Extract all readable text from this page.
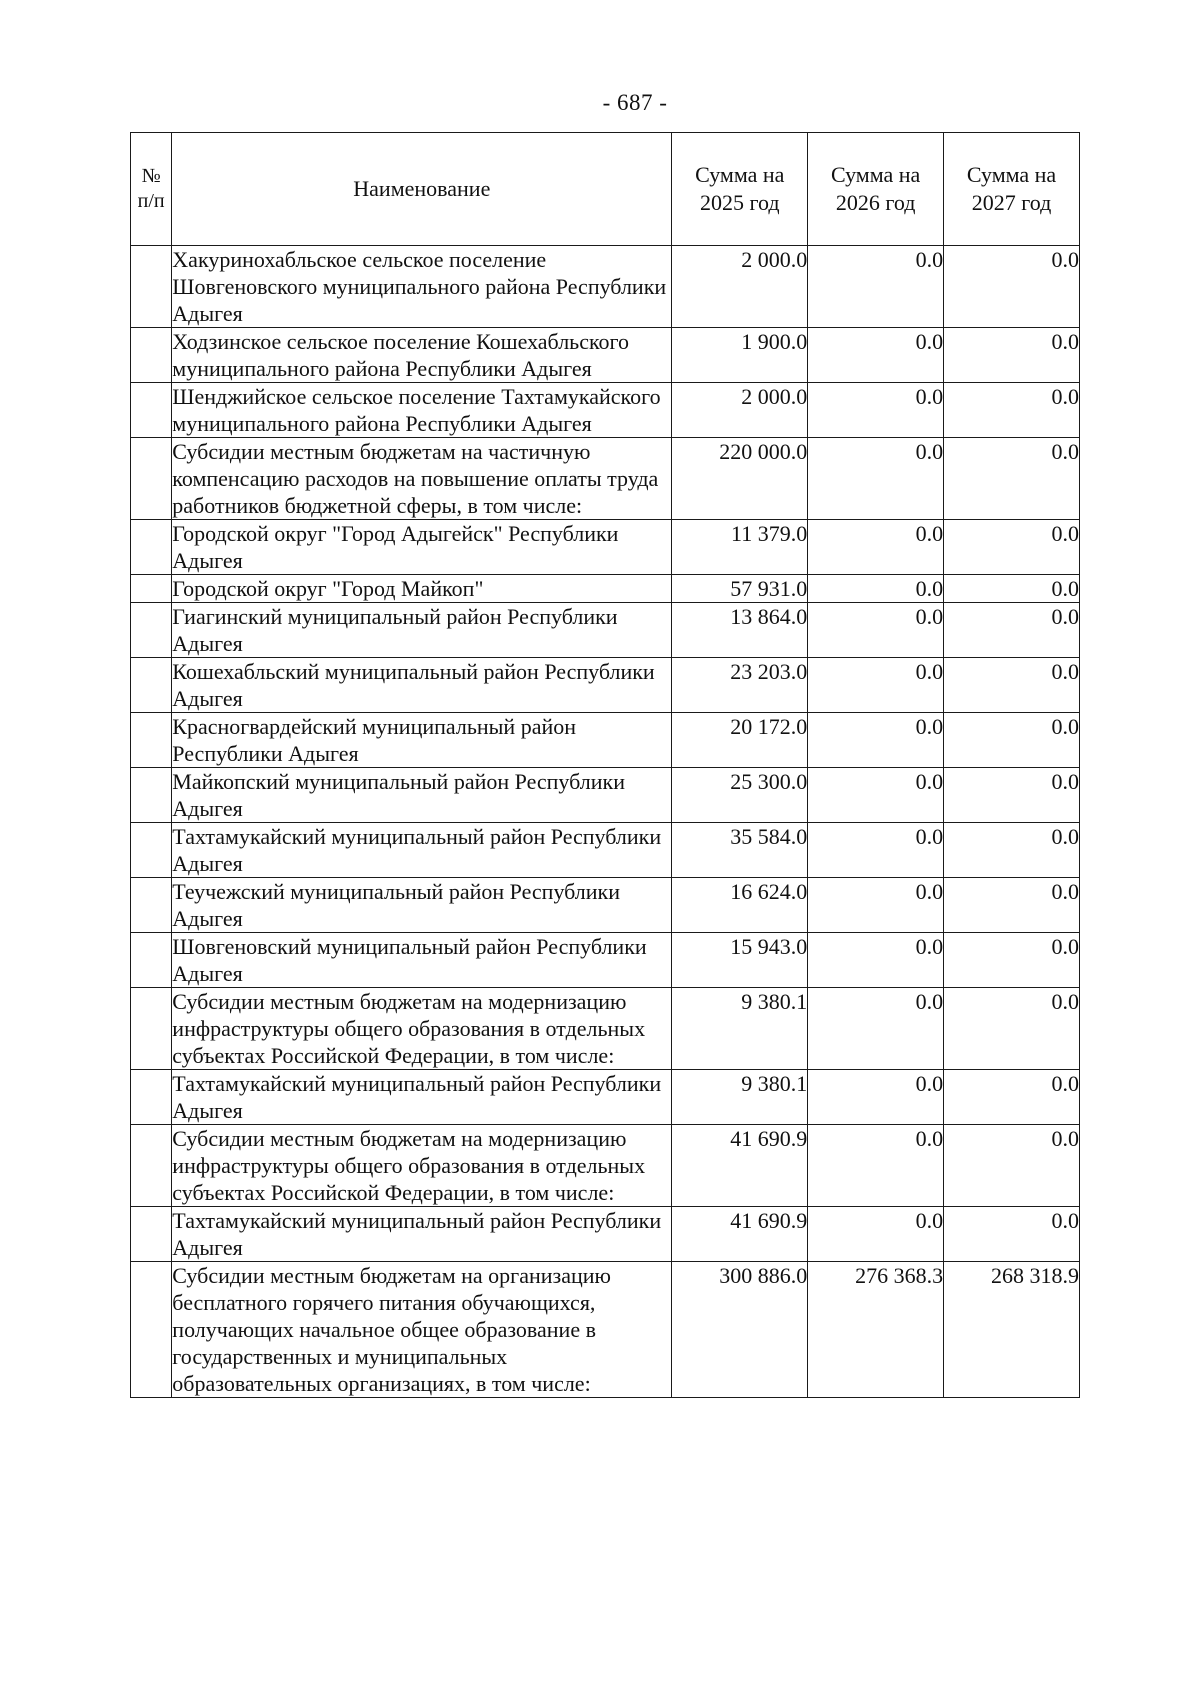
- 687 -
№ п/п	Наименование	Сумма на 2025 год	Сумма на 2026 год	Сумма на 2027 год
	Хакуринохабльское сельское поселение Шовгеновского муниципального района Республики Адыгея	2 000.0	0.0	0.0
	Ходзинское сельское поселение Кошехабльского муниципального района Республики Адыгея	1 900.0	0.0	0.0
	Шенджийское сельское поселение Тахтамукайского муниципального района Республики Адыгея	2 000.0	0.0	0.0
	Субсидии местным бюджетам на частичную компенсацию расходов на повышение оплаты труда работников бюджетной сферы, в том числе:	220 000.0	0.0	0.0
	Городской округ "Город Адыгейск" Республики Адыгея	11 379.0	0.0	0.0
	Городской округ "Город Майкоп"	57 931.0	0.0	0.0
	Гиагинский муниципальный район Республики Адыгея	13 864.0	0.0	0.0
	Кошехабльский муниципальный район Республики Адыгея	23 203.0	0.0	0.0
	Красногвардейский муниципальный район Республики Адыгея	20 172.0	0.0	0.0
	Майкопский муниципальный район Республики Адыгея	25 300.0	0.0	0.0
	Тахтамукайский муниципальный район Республики Адыгея	35 584.0	0.0	0.0
	Теучежский муниципальный район Республики Адыгея	16 624.0	0.0	0.0
	Шовгеновский муниципальный район Республики Адыгея	15 943.0	0.0	0.0
	Субсидии местным бюджетам на модернизацию инфраструктуры общего образования в отдельных субъектах Российской Федерации, в том числе:	9 380.1	0.0	0.0
	Тахтамукайский муниципальный район Республики Адыгея	9 380.1	0.0	0.0
	Субсидии местным бюджетам на модернизацию инфраструктуры общего образования в отдельных субъектах Российской Федерации, в том числе:	41 690.9	0.0	0.0
	Тахтамукайский муниципальный район Республики Адыгея	41 690.9	0.0	0.0
	Субсидии местным бюджетам на организацию бесплатного горячего питания обучающихся, получающих начальное общее образование в государственных и муниципальных образовательных организациях, в том числе:	300 886.0	276 368.3	268 318.9
